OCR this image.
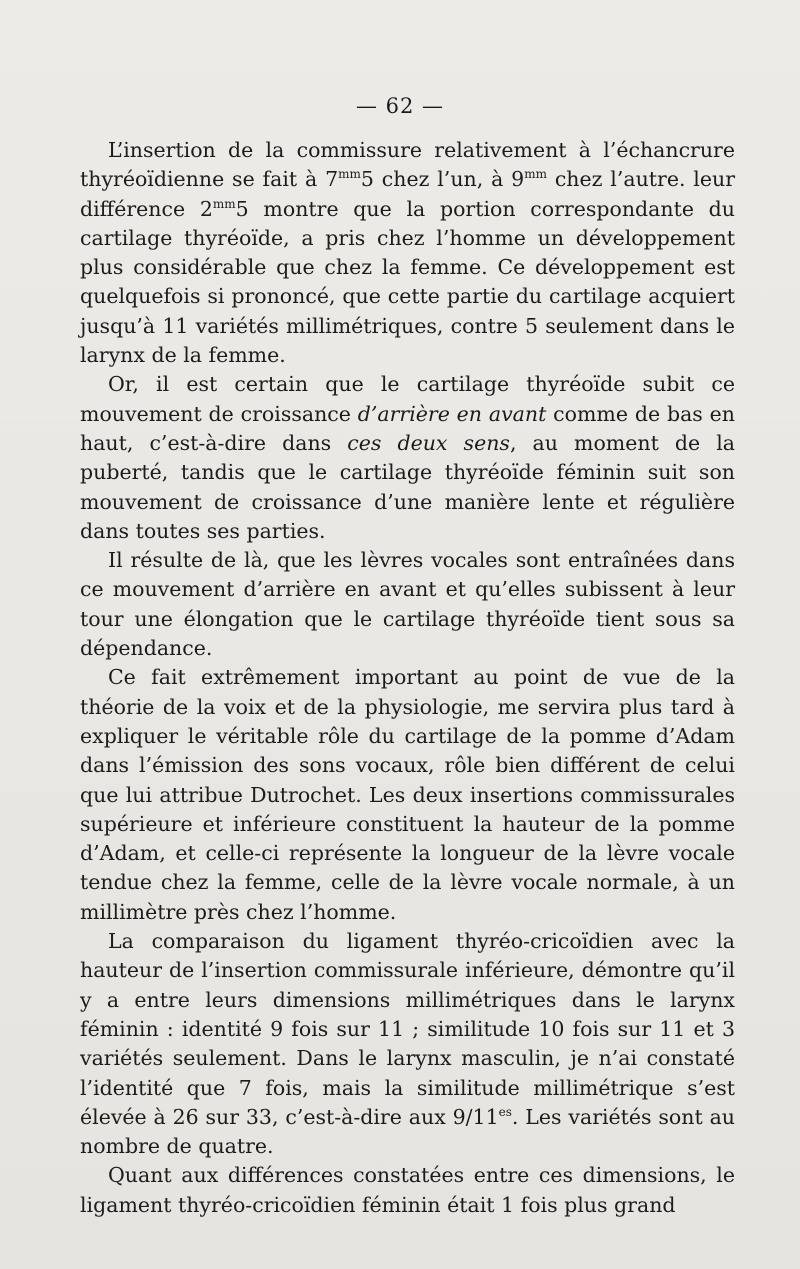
— 62 —

L’insertion de la commissure relativement à l’échancrure thyréoïdienne se fait à $7^{mm}5$ chez l’un, à $9^{mm}$ chez l’autre. leur différence $2^{mm}5$ montre que la portion correspondante du cartilage thyréoïde, a pris chez l’homme un développement plus considérable que chez la femme. Ce développement est quelquefois si prononcé, que cette partie du cartilage acquiert jusqu’à 11 variétés millimétriques, contre 5 seulement dans le larynx de la femme.

Or, il est certain que le cartilage thyréoïde subit ce mouvement de croissance d’arrière en avant comme de bas en haut, c’est-à-dire dans ces deux sens, au moment de la puberté, tandis que le cartilage thyréoïde féminin suit son mouvement de croissance d’une manière lente et régulière dans toutes ses parties.

Il résulte de là, que les lèvres vocales sont entraînées dans ce mouvement d’arrière en avant et qu’elles subissent à leur tour une élongation que le cartilage thyréoïde tient sous sa dépendance.

Ce fait extrêmement important au point de vue de la théorie de la voix et de la physiologie, me servira plus tard à expliquer le véritable rôle du cartilage de la pomme d’Adam dans l’émission des sons vocaux, rôle bien différent de celui que lui attribue Dutrochet. Les deux insertions commissurales supérieure et inférieure constituent la hauteur de la pomme d’Adam, et celle-ci représente la longueur de la lèvre vocale tendue chez la femme, celle de la lèvre vocale normale, à un millimètre près chez l’homme.

La comparaison du ligament thyréo-cricoïdien avec la hauteur de l’insertion commissurale inférieure, démontre qu’il y a entre leurs dimensions millimétriques dans le larynx féminin : identité 9 fois sur 11 ; similitude 10 fois sur 11 et 3 variétés seulement. Dans le larynx masculin, je n’ai constaté l’identité que 7 fois, mais la similitude millimétrique s’est élevée à 26 sur 33, c’est-à-dire aux $9/11^{es}$. Les variétés sont au nombre de quatre.

Quant aux différences constatées entre ces dimensions, le ligament thyréo-cricoïdien féminin était 1 fois plus grand
